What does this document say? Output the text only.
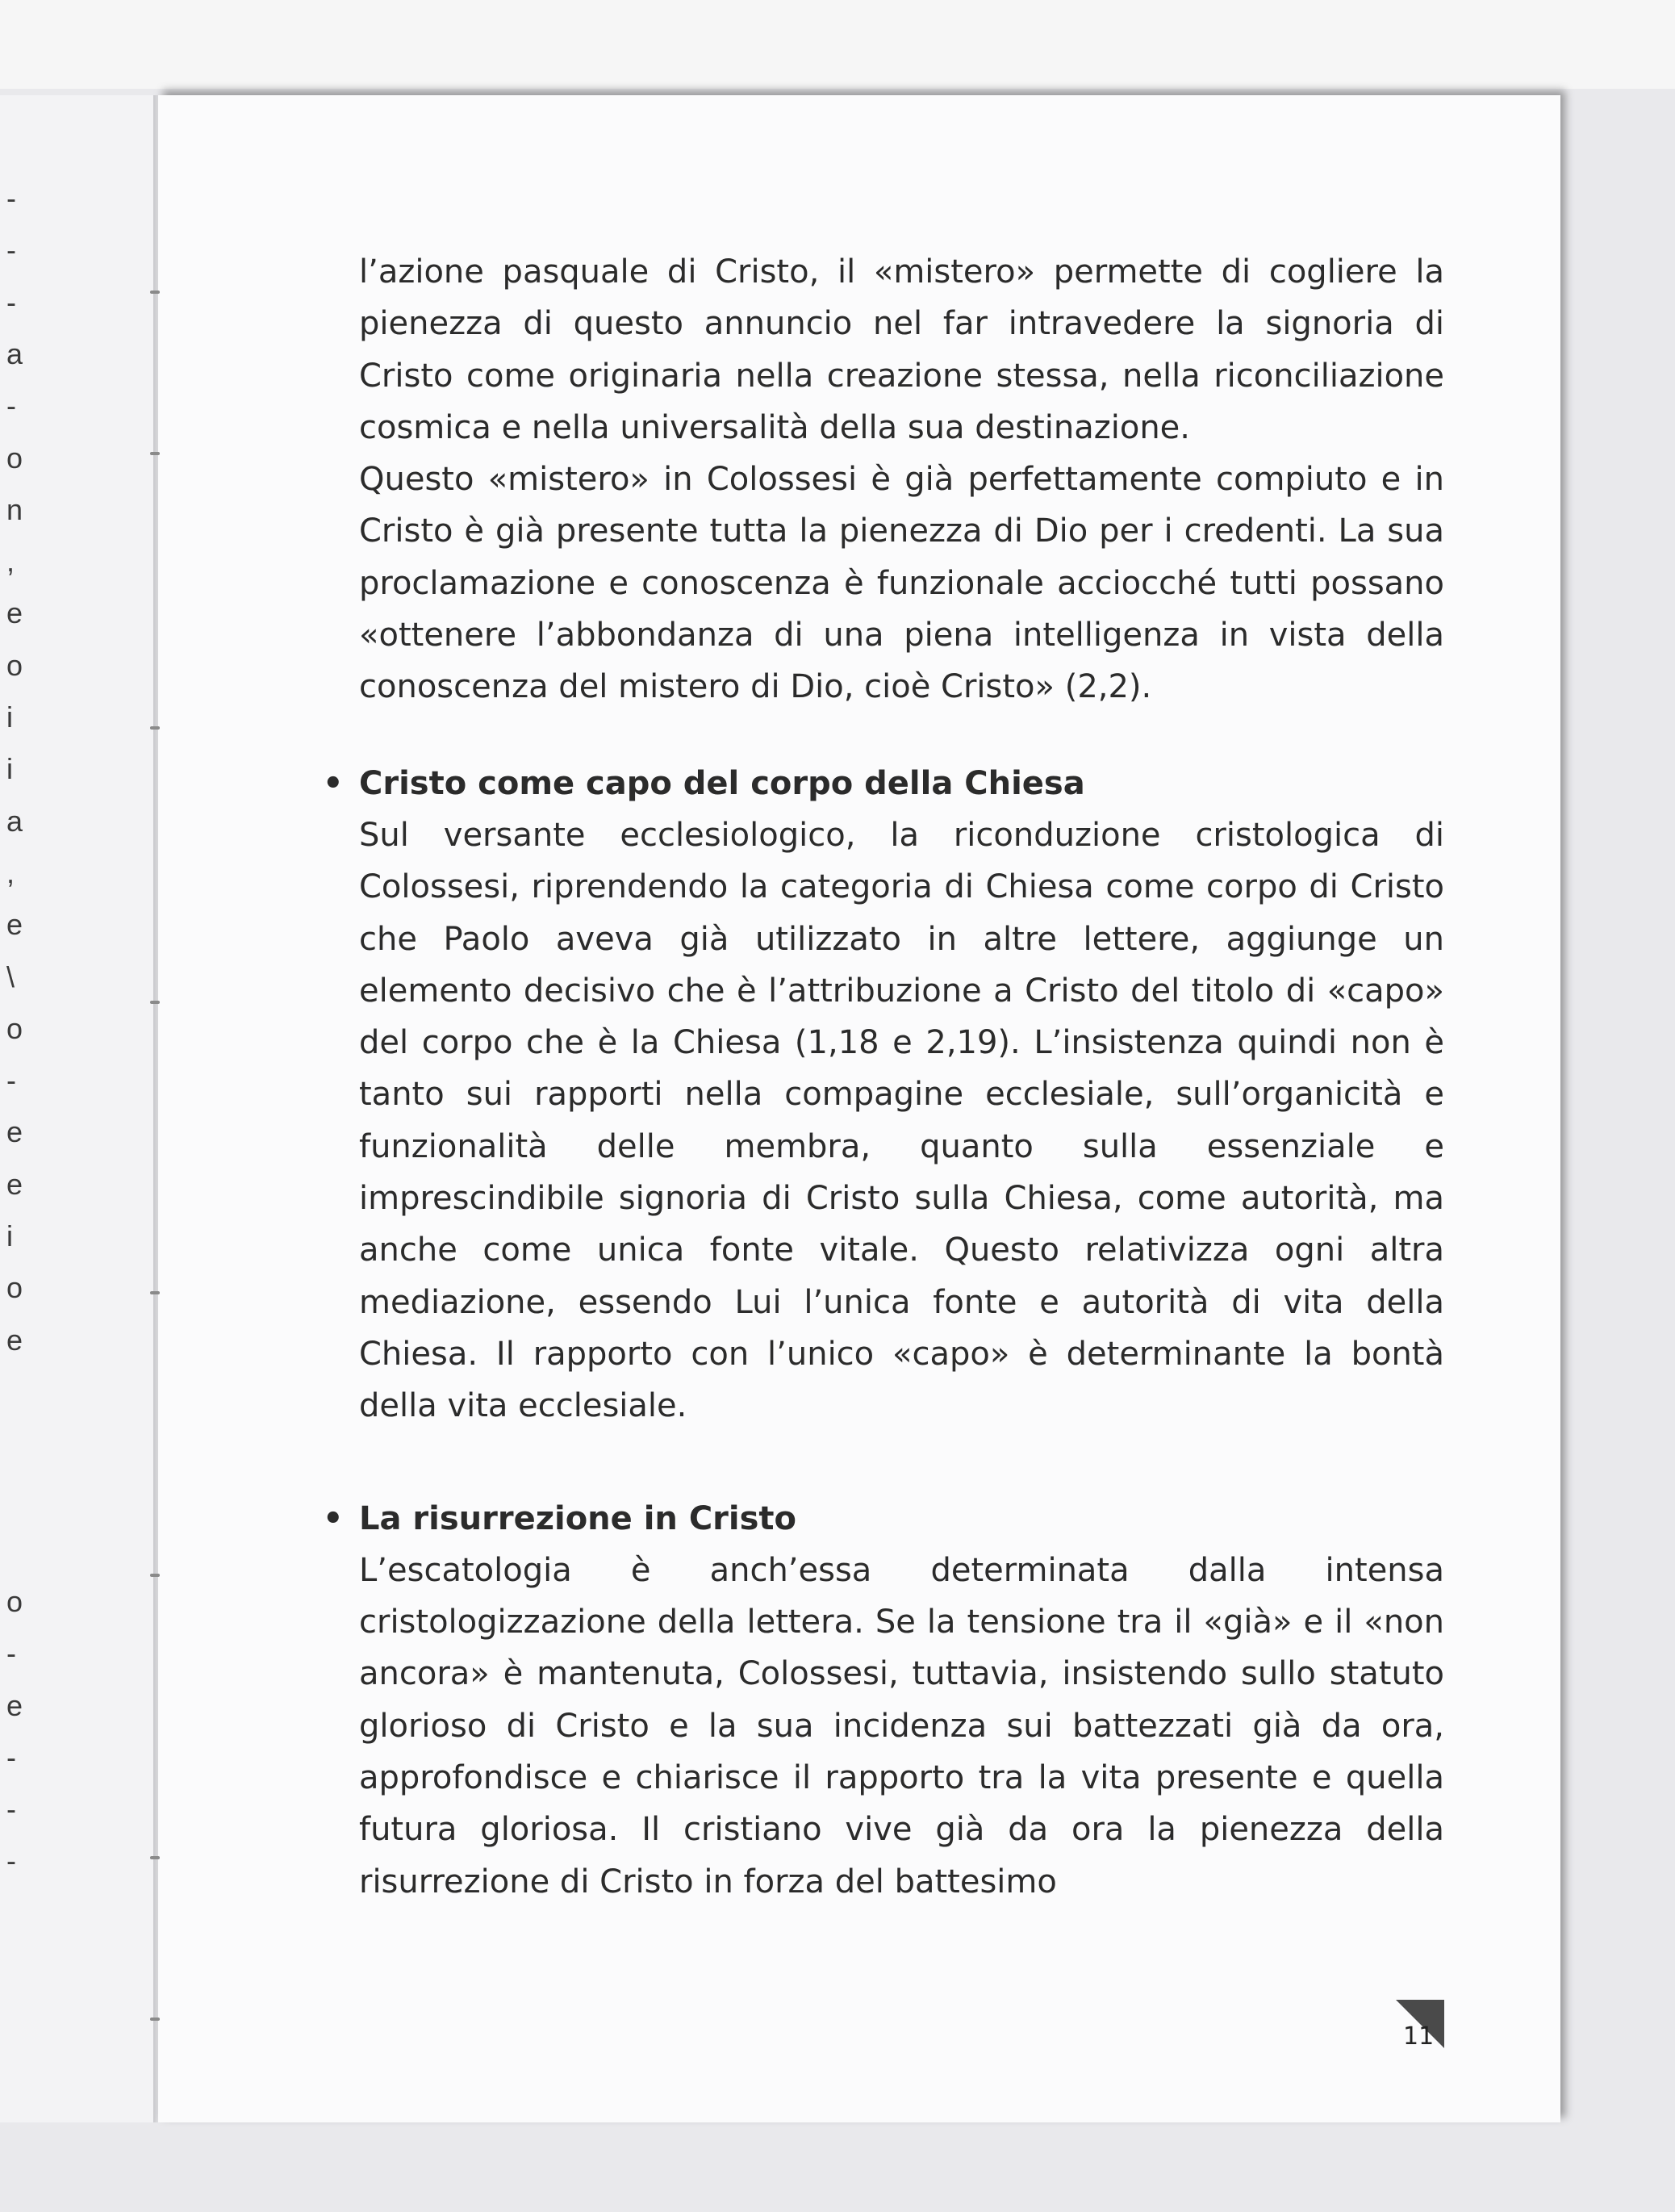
-
-
-
a
-
o
n
,
e
o
i
i
a
,
e
\
o
-
e
e
i
o
e
o
-
e
-
-
-

l’azione pasquale di Cristo, il «mistero» permette di cogliere la pienezza di questo annuncio nel far intravedere la signoria di Cristo come originaria nella creazione stessa, nella riconciliazione cosmica e nella universalità della sua destinazione.

Questo «mistero» in Colossesi è già perfettamente compiuto e in Cristo è già presente tutta la pienezza di Dio per i credenti. La sua proclamazione e conoscenza è funzionale acciocché tutti possano «ottenere l’abbondanza di una piena intelligenza in vista della conoscenza del mistero di Dio, cioè Cristo» (2,2).

• Cristo come capo del corpo della Chiesa

Sul versante ecclesiologico, la riconduzione cristologica di Colossesi, riprendendo la categoria di Chiesa come corpo di Cristo che Paolo aveva già utilizzato in altre lettere, aggiunge un elemento decisivo che è l’attribuzione a Cristo del titolo di «capo» del corpo che è la Chiesa (1,18 e 2,19). L’insistenza quindi non è tanto sui rapporti nella compagine ecclesiale, sull’organicità e funzionalità delle membra, quanto sulla essenziale e imprescindibile signoria di Cristo sulla Chiesa, come autorità, ma anche come unica fonte vitale. Questo relativizza ogni altra mediazione, essendo Lui l’unica fonte e autorità di vita della Chiesa. Il rapporto con l’unico «capo» è determinante la bontà della vita ecclesiale.

• La risurrezione in Cristo

L’escatologia è anch’essa determinata dalla intensa cristologizzazione della lettera. Se la tensione tra il «già» e il «non ancora» è mantenuta, Colossesi, tuttavia, insistendo sullo statuto glorioso di Cristo e la sua incidenza sui battezzati già da ora, approfondisce e chiarisce il rapporto tra la vita presente e quella futura gloriosa. Il cristiano vive già da ora la pienezza della risurrezione di Cristo in forza del battesimo

11
